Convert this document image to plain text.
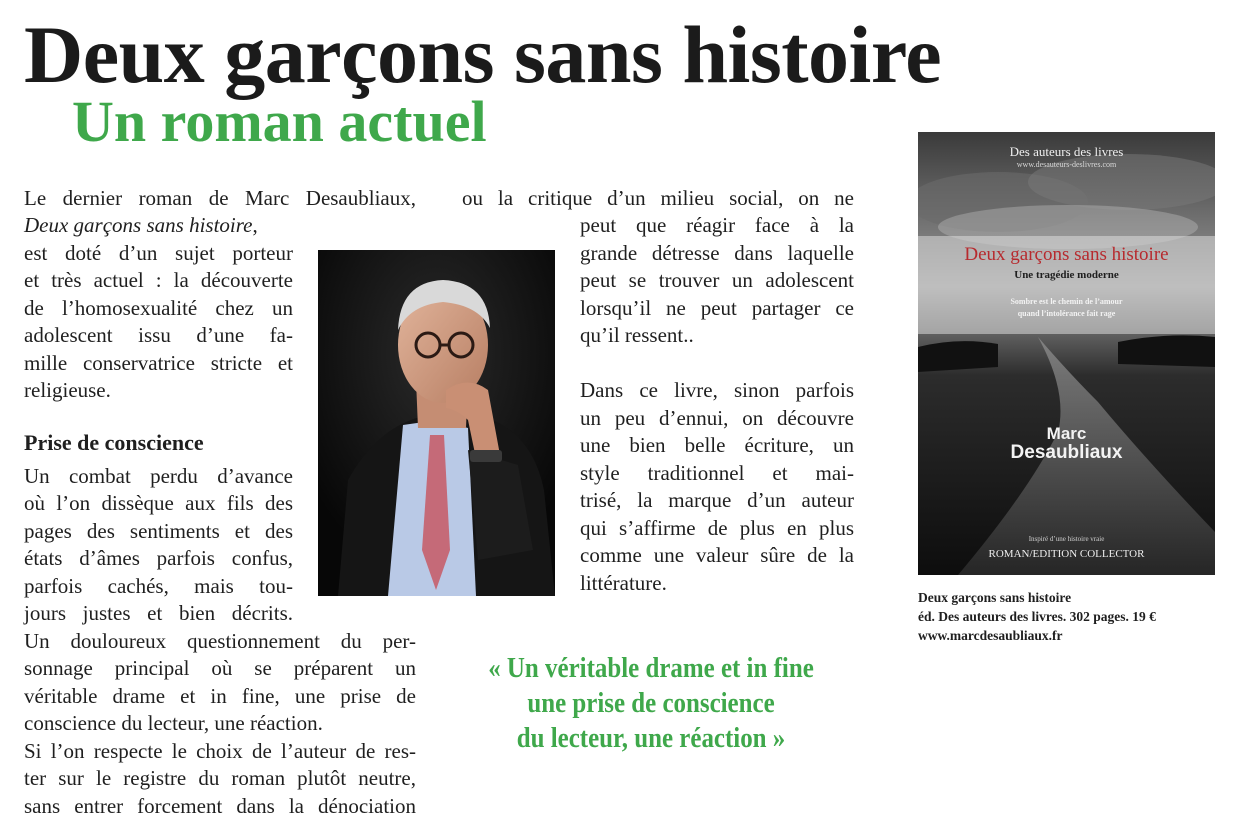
Deux garçons sans histoire
Un roman actuel
Le dernier roman de Marc Desaubliaux,
Deux garçons sans histoire,
est doté d’un sujet porteur
et très actuel : la découverte
de l’homosexualité chez un
adolescent issu d’une fa-
mille conservatrice stricte et
religieuse.
Prise de conscience
Un combat perdu d’avance
où l’on dissèque aux fils des
pages des sentiments et des
états d’âmes parfois confus,
parfois cachés, mais tou-
jours justes et bien décrits.
Un douloureux questionnement du per-
sonnage principal où se préparent un
véritable drame et in fine, une prise de
conscience du lecteur, une réaction.
Si l’on respecte le choix de l’auteur de res-
ter sur le registre du roman plutôt neutre,
sans entrer forcement dans la dénociation
ou la critique d’un milieu social, on ne
peut que réagir face à la
grande détresse dans laquelle
peut se trouver un adolescent
lorsqu’il ne peut partager ce
qu’il ressent..
Dans ce livre, sinon parfois
un peu d’ennui, on découvre
une bien belle écriture, un
style traditionnel et mai-
trisé, la marque d’un auteur
qui s’affirme de plus en plus
comme une valeur sûre de la
littérature.
« Un véritable drame et in fine
une prise de conscience
du lecteur, une réaction »
Des auteurs des livres
www.desauteurs-deslivres.com
Deux garçons sans histoire
Une tragédie moderne
Sombre est le chemin de l’amour
quand l’intolérance fait rage
Marc
Desaubliaux
Inspiré d’une histoire vraie
ROMAN/EDITION COLLECTOR
Deux garçons sans histoire
éd. Des auteurs des livres. 302 pages. 19 €
www.marcdesaubliaux.fr
